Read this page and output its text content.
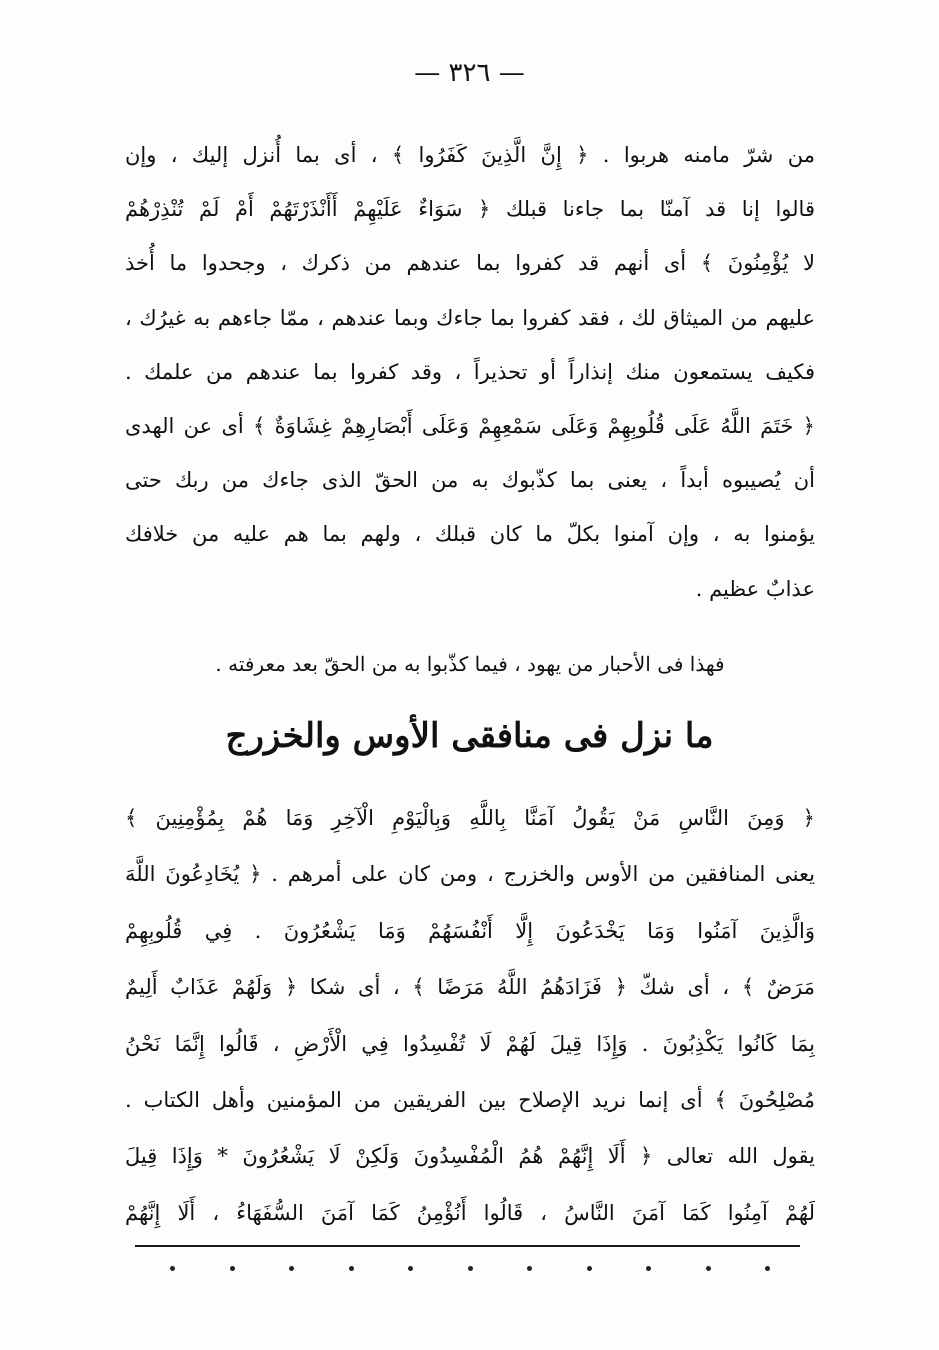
— ٣٢٦ —
من شرّ مامنه هربوا . ﴿ إِنَّ الَّذِينَ كَفَرُوا ﴾ ، أى بما أُنزل إليك ، وإن
قالوا إنا قد آمنّا بما جاءنا قبلك ﴿ سَوَاءٌ عَلَيْهِمْ أَأَنْذَرْتَهُمْ أَمْ لَمْ تُنْذِرْهُمْ
لا يُؤْمِنُونَ ﴾ أى أنهم قد كفروا بما عندهم من ذكرك ، وجحدوا ما أُخذ
عليهم من الميثاق لك ، فقد كفروا بما جاءك وبما عندهم ، ممّا جاءهم به غيرُك ،
فكيف يستمعون منك إنذاراً أو تحذيراً ، وقد كفروا بما عندهم من علمك .
﴿ خَتَمَ اللَّهُ عَلَى قُلُوبِهِمْ وَعَلَى سَمْعِهِمْ وَعَلَى أَبْصَارِهِمْ غِشَاوَةٌ ﴾ أى عن الهدى
أن يُصيبوه أبداً ، يعنى بما كذّبوك به من الحقّ الذى جاءك من ربك حتى
يؤمنوا به ، وإن آمنوا بكلّ ما كان قبلك ، ولهم بما هم عليه من خلافك
عذابٌ عظيم .
فهذا فى الأحبار من يهود ، فيما كذّبوا به من الحقّ بعد معرفته .
ما نزل فى منافقى الأوس والخزرج
﴿ وَمِنَ النَّاسِ مَنْ يَقُولُ آمَنَّا بِاللَّهِ وَبِالْيَوْمِ الْآخِرِ وَمَا هُمْ بِمُؤْمِنِينَ ﴾
يعنى المنافقين من الأوس والخزرج ، ومن كان على أمرهم . ﴿ يُخَادِعُونَ اللَّهَ
وَالَّذِينَ آمَنُوا وَمَا يَخْدَعُونَ إِلَّا أَنْفُسَهُمْ وَمَا يَشْعُرُونَ . فِي قُلُوبِهِمْ
مَرَضٌ ﴾ ، أى شكّ ﴿ فَزَادَهُمُ اللَّهُ مَرَضًا ﴾ ، أى شكا ﴿ وَلَهُمْ عَذَابٌ أَلِيمٌ
بِمَا كَانُوا يَكْذِبُونَ . وَإِذَا قِيلَ لَهُمْ لَا تُفْسِدُوا فِي الْأَرْضِ ، قَالُوا إِنَّمَا نَحْنُ
مُصْلِحُونَ ﴾ أى إنما نريد الإصلاح بين الفريقين من المؤمنين وأهل الكتاب .
يقول الله تعالى ﴿ أَلَا إِنَّهُمْ هُمُ الْمُفْسِدُونَ وَلَكِنْ لَا يَشْعُرُونَ * وَإِذَا قِيلَ
لَهُمْ آمِنُوا كَمَا آمَنَ النَّاسُ ، قَالُوا أَنُؤْمِنُ كَمَا آمَنَ السُّفَهَاءُ ، أَلَا إِنَّهُمْ
